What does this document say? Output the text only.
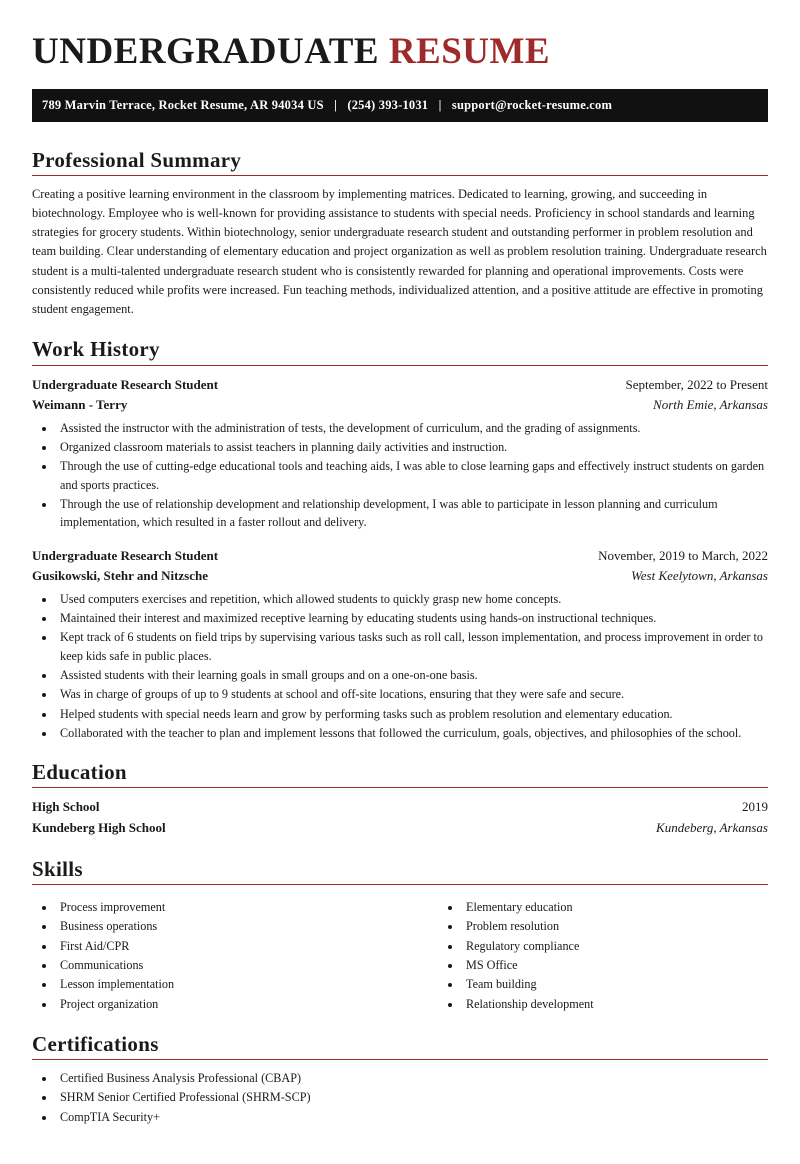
UNDERGRADUATE RESUME
789 Marvin Terrace, Rocket Resume, AR 94034 US | (254) 393-1031 | support@rocket-resume.com
Professional Summary

Creating a positive learning environment in the classroom by implementing matrices. Dedicated to learning, growing, and succeeding in biotechnology. Employee who is well-known for providing assistance to students with special needs. Proficiency in school standards and learning strategies for grocery students. Within biotechnology, senior undergraduate research student and outstanding performer in problem resolution and team building. Clear understanding of elementary education and project organization as well as problem resolution training. Undergraduate research student is a multi-talented undergraduate research student who is consistently rewarded for planning and operational improvements. Costs were consistently reduced while profits were increased. Fun teaching methods, individualized attention, and a positive attitude are effective in promoting student engagement.

Work History
Undergraduate Research Student	September, 2022 to Present
Weimann - Terry	North Emie, Arkansas
• Assisted the instructor with the administration of tests, the development of curriculum, and the grading of assignments.
• Organized classroom materials to assist teachers in planning daily activities and instruction.
• Through the use of cutting-edge educational tools and teaching aids, I was able to close learning gaps and effectively instruct students on garden and sports practices.
• Through the use of relationship development and relationship development, I was able to participate in lesson planning and curriculum implementation, which resulted in a faster rollout and delivery.
Undergraduate Research Student	November, 2019 to March, 2022
Gusikowski, Stehr and Nitzsche	West Keelytown, Arkansas
• Used computers exercises and repetition, which allowed students to quickly grasp new home concepts.
• Maintained their interest and maximized receptive learning by educating students using hands-on instructional techniques.
• Kept track of 6 students on field trips by supervising various tasks such as roll call, lesson implementation, and process improvement in order to keep kids safe in public places.
• Assisted students with their learning goals in small groups and on a one-on-one basis.
• Was in charge of groups of up to 9 students at school and off-site locations, ensuring that they were safe and secure.
• Helped students with special needs learn and grow by performing tasks such as problem resolution and elementary education.
• Collaborated with the teacher to plan and implement lessons that followed the curriculum, goals, objectives, and philosophies of the school.
Education
High School	2019
Kundeberg High School	Kundeberg, Arkansas
Skills
• Process improvement
• Business operations
• First Aid/CPR
• Communications
• Lesson implementation
• Project organization
• Elementary education
• Problem resolution
• Regulatory compliance
• MS Office
• Team building
• Relationship development
Certifications
• Certified Business Analysis Professional (CBAP)
• SHRM Senior Certified Professional (SHRM-SCP)
• CompTIA Security+
